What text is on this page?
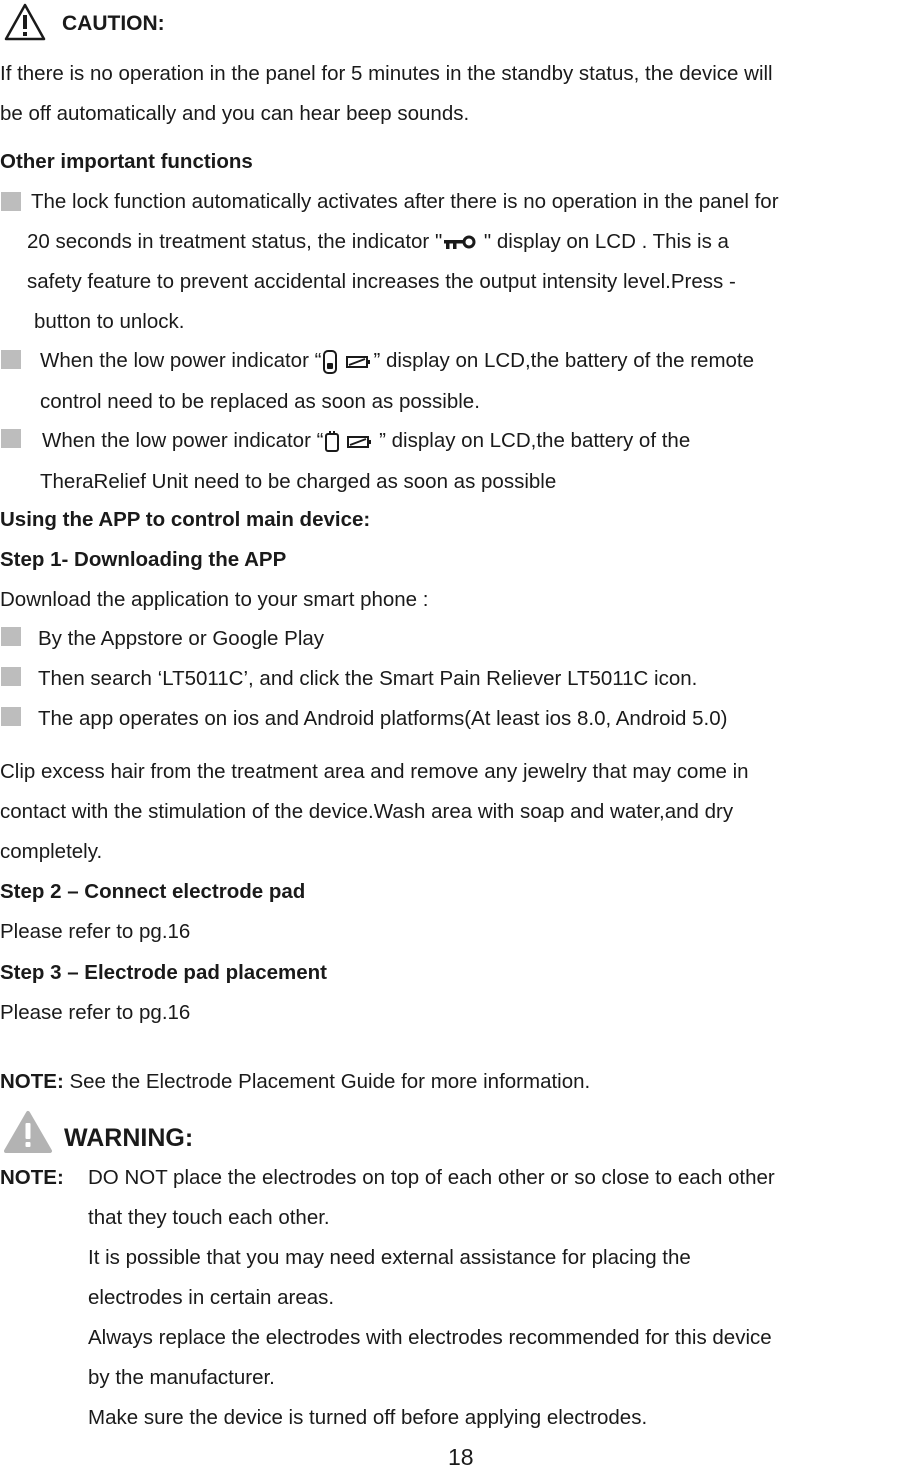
CAUTION:
If there is no operation in the panel for 5 minutes in the standby status, the device will
be off automatically and you can hear beep sounds.
Other important functions
The lock function automatically activates after there is no operation in the panel for
20 seconds in treatment status, the indicator " " display on LCD . This is a
safety feature to prevent accidental increases the output intensity level.Press -
button to unlock.
When the low power indicator “	” display on LCD,the battery of the remote
control need to be replaced as soon as possible.
When the low power indicator “ ” display on LCD,the battery of the
TheraRelief Unit need to be charged as soon as possible
Using the APP to control main device:
Step 1- Downloading the APP
Download the application to your smart phone :
By the Appstore or Google Play
Then search ‘LT5011C’, and click the Smart Pain Reliever LT5011C icon.
The app operates on ios and Android platforms(At least ios 8.0, Android 5.0)
Clip excess hair from the treatment area and remove any jewelry that may come in
contact with the stimulation of the device.Wash area with soap and water,and dry
completely.
Step 2 – Connect electrode pad
Please refer to pg.16
Step 3 – Electrode pad placement
Please refer to pg.16
NOTE: See the Electrode Placement Guide for more information.
WARNING:
NOTE: DO NOT place the electrodes on top of each other or so close to each other
that they touch each other.
It is possible that you may need external assistance for placing the
electrodes in certain areas.
Always replace the electrodes with electrodes recommended for this device
by the manufacturer.
Make sure the device is turned off before applying electrodes.
18
